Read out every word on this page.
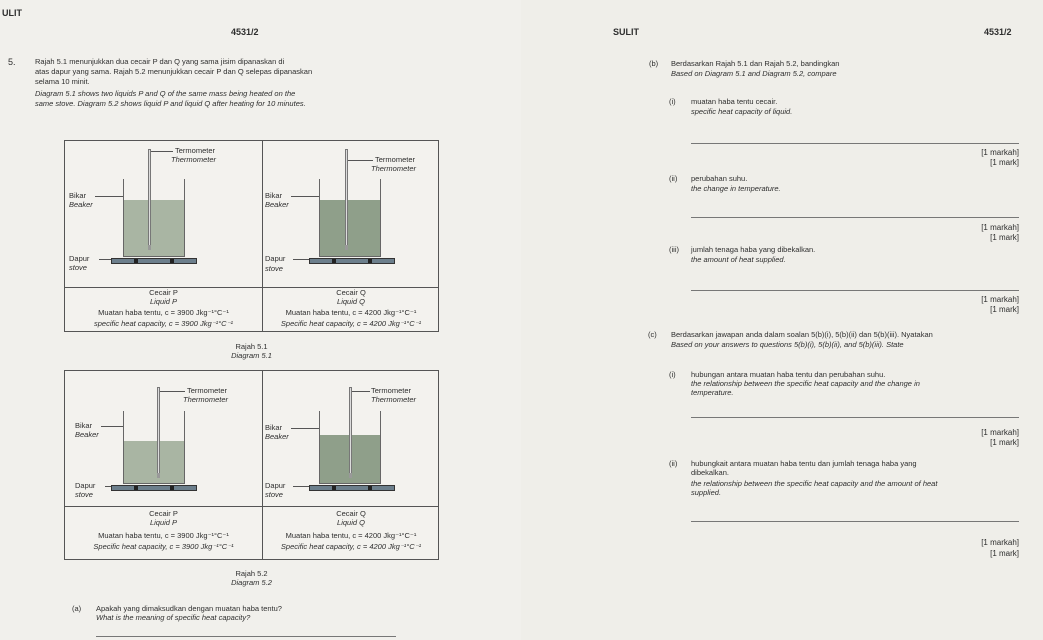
ULIT
4531/2
5.	Rajah 5.1 menunjukkan dua cecair P dan Q yang sama jisim dipanaskan di
atas dapur yang sama. Rajah 5.2 menunjukkan cecair P dan Q selepas dipanaskan
selama 10 minit.
Diagram 5.1 shows two liquids P and Q of the same mass being heated on the
same stove. Diagram 5.2 shows liquid P and liquid Q after heating for 10 minutes.
Termometer
Thermometer
Bikar
Beaker
Dapur
stove
Termometer
Thermometer
Bikar
Beaker
Dapur
stove
Cecair P
Liquid P
Muatan haba tentu, c = 3900 Jkg⁻¹°C⁻¹
specific heat capacity, c = 3900 Jkg⁻¹°C⁻¹
Cecair Q
Liquid Q
Muatan haba tentu, c = 4200 Jkg⁻¹°C⁻¹
Specific heat capacity, c = 4200 Jkg⁻¹°C⁻¹
Rajah 5.1
Diagram 5.1
Termometer
Thermometer
Bikar
Beaker
Dapur
stove
Termometer
Thermometer
Bikar
Beaker
Dapur
stove
Cecair P
Liquid P
Muatan haba tentu, c = 3900 Jkg⁻¹°C⁻¹
Specific heat capacity, c = 3900 Jkg⁻¹°C⁻¹
Cecair Q
Liquid Q
Muatan haba tentu, c = 4200 Jkg⁻¹°C⁻¹
Specific heat capacity, c = 4200 Jkg⁻¹°C⁻¹
Rajah 5.2
Diagram 5.2
(a) Apakah yang dimaksudkan dengan muatan haba tentu?
What is the meaning of specific heat capacity?
SULIT	4531/2
(b) Berdasarkan Rajah 5.1 dan Rajah 5.2, bandingkan
Based on Diagram 5.1 and Diagram 5.2, compare
(i) muatan haba tentu cecair.
specific heat capacity of liquid.
[1 markah]
[1 mark]
(ii) perubahan suhu.
the change in temperature.
[1 markah]
[1 mark]
(iii) jumlah tenaga haba yang dibekalkan.
the amount of heat supplied.
[1 markah]
[1 mark]
(c) Berdasarkan jawapan anda dalam soalan 5(b)(i), 5(b)(ii) dan 5(b)(iii). Nyatakan
Based on your answers to questions 5(b)(i), 5(b)(ii), and 5(b)(iii). State
(i) hubungan antara muatan haba tentu dan perubahan suhu.
the relationship between the specific heat capacity and the change in
temperature.
[1 markah]
[1 mark]
(ii) hubungkait antara muatan haba tentu dan jumlah tenaga haba yang
dibekalkan.
the relationship between the specific heat capacity and the amount of heat
supplied.
[1 markah]
[1 mark]
